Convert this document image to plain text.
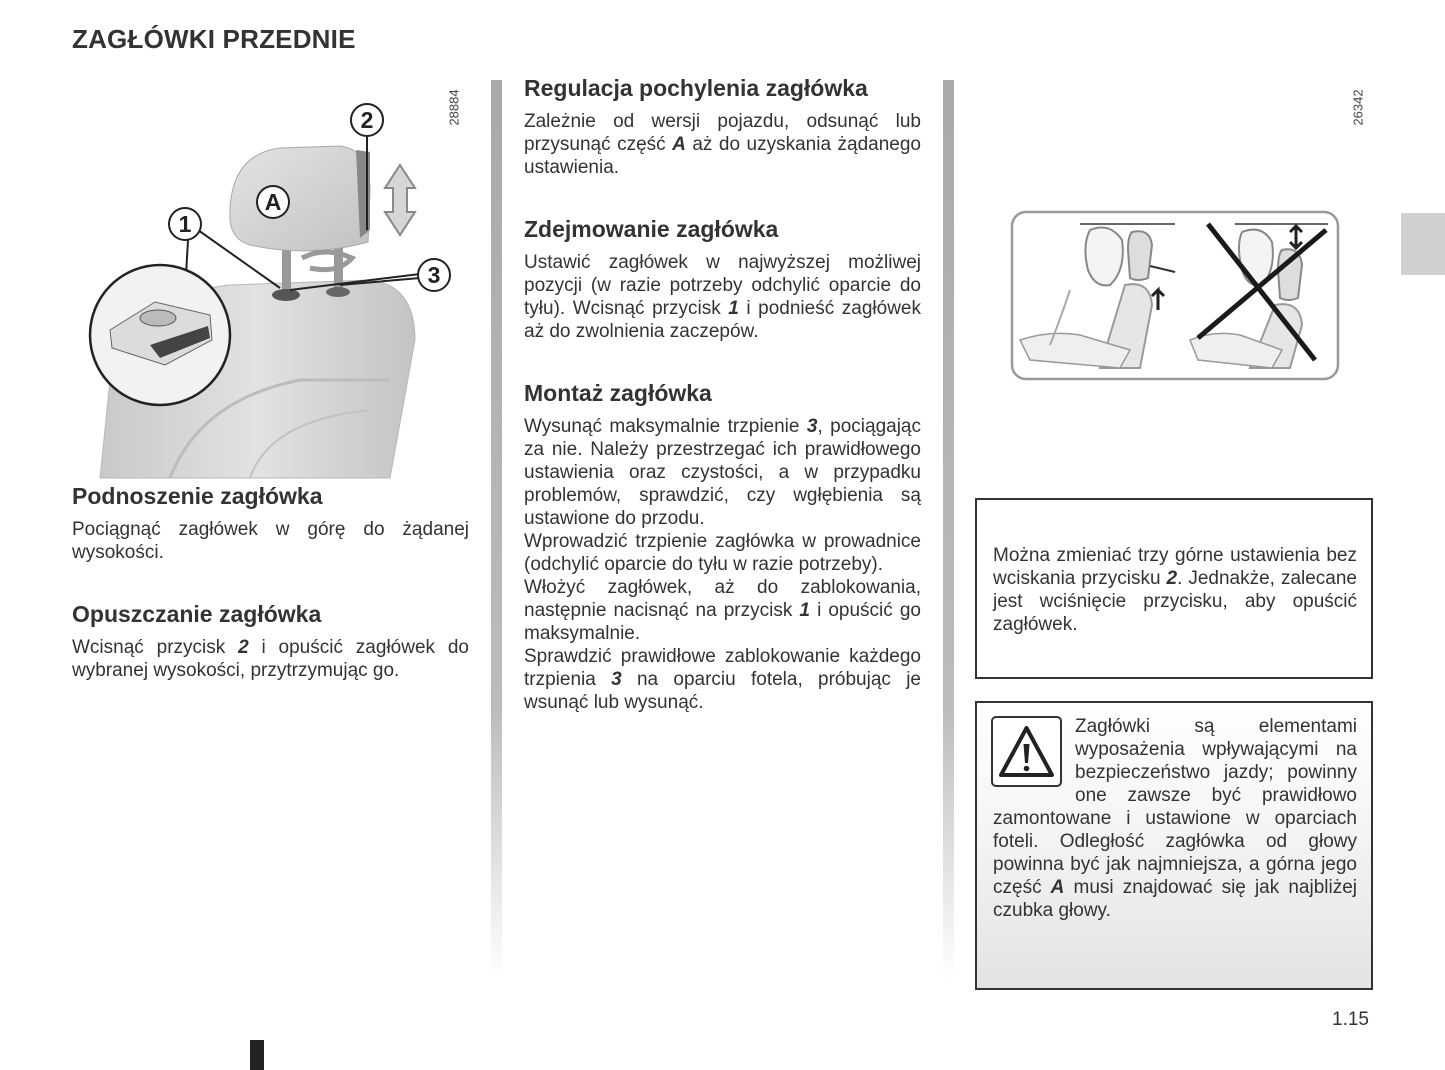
ZAGŁÓWKI PRZEDNIE
2
A
1
3
28884
Podnoszenie zagłówka

Pociągnąć zagłówek w górę do żądanej wysokości.

Opuszczanie zagłówka

Wcisnąć przycisk 2 i opuścić zagłówek do wybranej wysokości, przytrzymując go.

Regulacja pochylenia zagłówka

Zależnie od wersji pojazdu, odsunąć lub przysunąć część A aż do uzyskania żądanego ustawienia.

Zdejmowanie zagłówka

Ustawić zagłówek w najwyższej możliwej pozycji (w razie potrzeby odchylić oparcie do tyłu). Wcisnąć przycisk 1 i podnieść zagłówek aż do zwolnienia zaczepów.

Montaż zagłówka

Wysunąć maksymalnie trzpienie 3, pociągając za nie. Należy przestrzegać ich prawidłowego ustawienia oraz czystości, a w przypadku problemów, sprawdzić, czy wgłębienia są ustawione do przodu.

Wprowadzić trzpienie zagłówka w prowadnice (odchylić oparcie do tyłu w razie potrzeby).

Włożyć zagłówek, aż do zablokowania, następnie nacisnąć na przycisk 1 i opuścić go maksymalnie.

Sprawdzić prawidłowe zablokowanie każdego trzpienia 3 na oparciu fotela, próbując je wsunąć lub wysunąć.

26342

Można zmieniać trzy górne ustawienia bez wciskania przycisku 2. Jednakże, zalecane jest wciśnięcie przycisku, aby opuścić zagłówek.

Zagłówki są elementami wyposażenia wpływającymi na bezpieczeństwo jazdy; powinny one zawsze być prawidłowo zamontowane i ustawione w oparciach foteli. Odległość zagłówka od głowy powinna być jak najmniejsza, a górna jego część A musi znajdować się jak najbliżej czubka głowy.

1.15
